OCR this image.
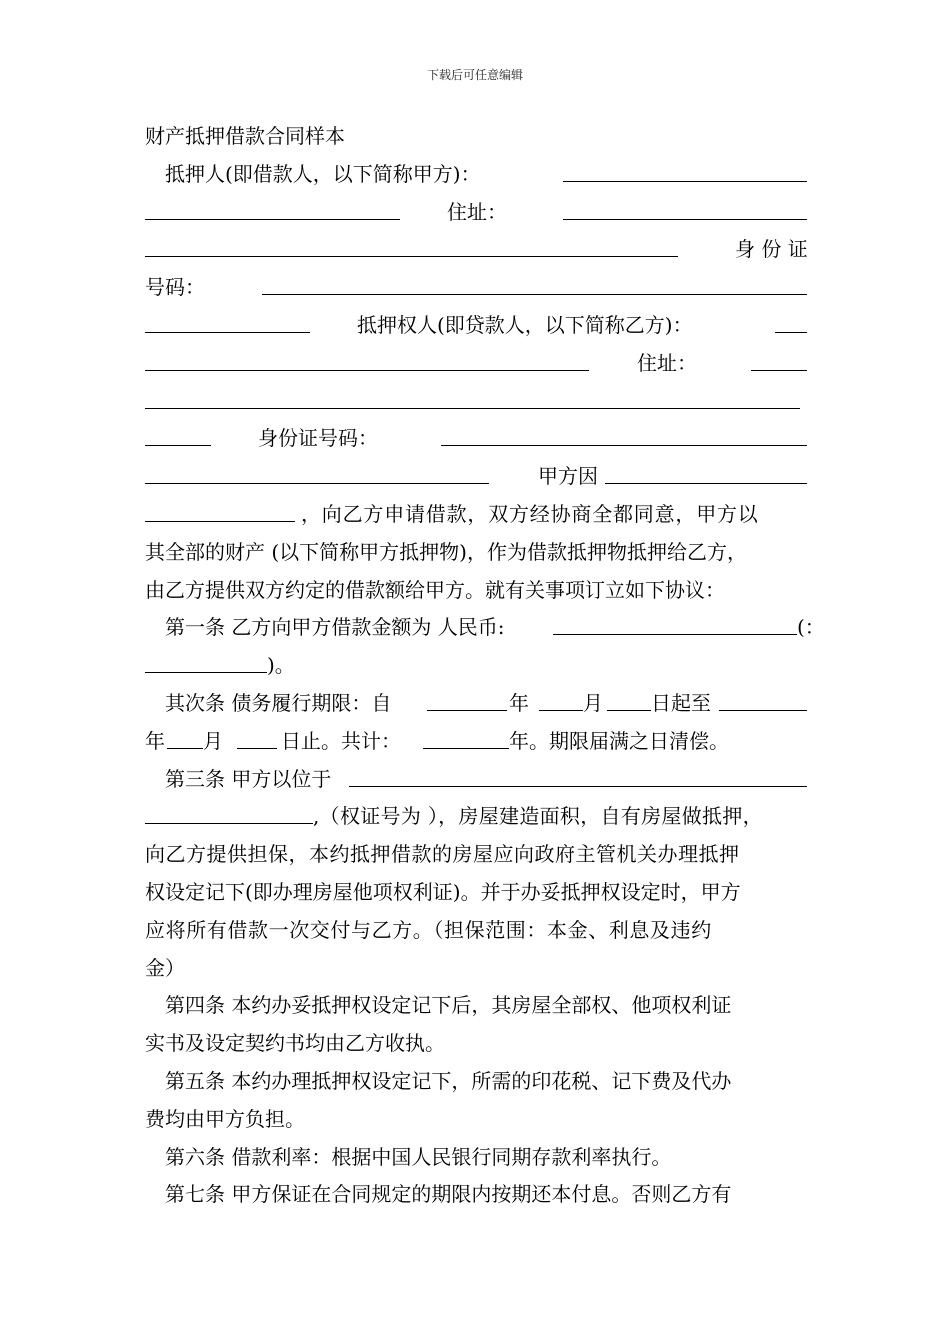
下载后可任意编辑
财产抵押借款合同样本
抵押人(即借款人，以下简称甲方)：
住址：
身 份 证
号码：
抵押权人(即贷款人，以下简称乙方)：
住址：
身份证号码：
甲方因
，向乙方申请借款，双方经协商全都同意，甲方以
其全部的财产 (以下简称甲方抵押物)，作为借款抵押物抵押给乙方，
由乙方提供双方约定的借款额给甲方。就有关事项订立如下协议：
第一条 乙方向甲方借款金额为 人民币:	(：
)。
其次条 债务履行期限：自	年	月 日起至
年 月	日止。共计：	年。期限届满之日清偿。
第三条 甲方以位于
,（权证号为 ），房屋建造面积，自有房屋做抵押，
向乙方提供担保，本约抵押借款的房屋应向政府主管机关办理抵押
权设定记下(即办理房屋他项权利证)。并于办妥抵押权设定时，甲方
应将所有借款一次交付与乙方。（担保范围：本金、利息及违约
金）
第四条 本约办妥抵押权设定记下后，其房屋全部权、他项权利证
实书及设定契约书均由乙方收执。
第五条 本约办理抵押权设定记下，所需的印花税、记下费及代办
费均由甲方负担。
第六条 借款利率：根据中国人民银行同期存款利率执行。
第七条 甲方保证在合同规定的期限内按期还本付息。否则乙方有
